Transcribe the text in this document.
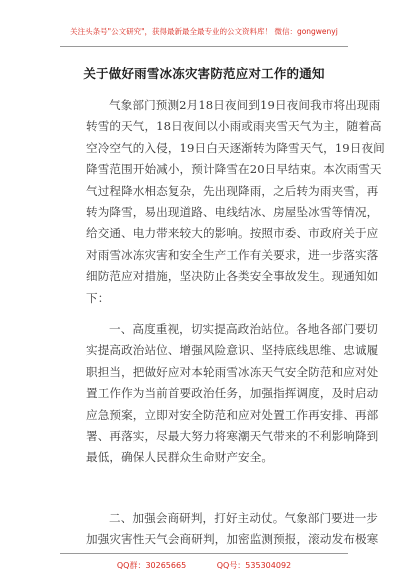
关注头条号"公文研究"，获得最新最全最专业的公文资料库！ 微信：gongwenyj
关于做好雨雪冰冻灾害防范应对工作的通知
气象部门预测2月18日夜间到19日夜间我市将出现雨
转雪的天气，18日夜间以小雨或雨夹雪天气为主，随着高
空冷空气的入侵，19日白天逐渐转为降雪天气，19日夜间
降雪范围开始减小，预计降雪在20日早结束。本次雨雪天
气过程降水相态复杂，先出现降雨，之后转为雨夹雪，再
转为降雪，易出现道路、电线结冰、房屋坠冰雪等情况，
给交通、电力带来较大的影响。按照市委、市政府关于应
对雨雪冰冻灾害和安全生产工作有关要求，进一步落实落
细防范应对措施，坚决防止各类安全事故发生。现通知如
下：
一、高度重视，切实提高政治站位。各地各部门要切
实提高政治站位、增强风险意识、坚持底线思维、忠诚履
职担当，把做好应对本轮雨雪冰冻天气安全防范和应对处
置工作作为当前首要政治任务，加强指挥调度，及时启动
应急预案，立即对安全防范和应对处置工作再安排、再部
署、再落实，尽最大努力将寒潮天气带来的不利影响降到
最低，确保人民群众生命财产安全。
二、加强会商研判，打好主动仗。气象部门要进一步
加强灾害性天气会商研判，加密监测预报，滚动发布极寒
QQ群：30265665	QQ号：535304092
